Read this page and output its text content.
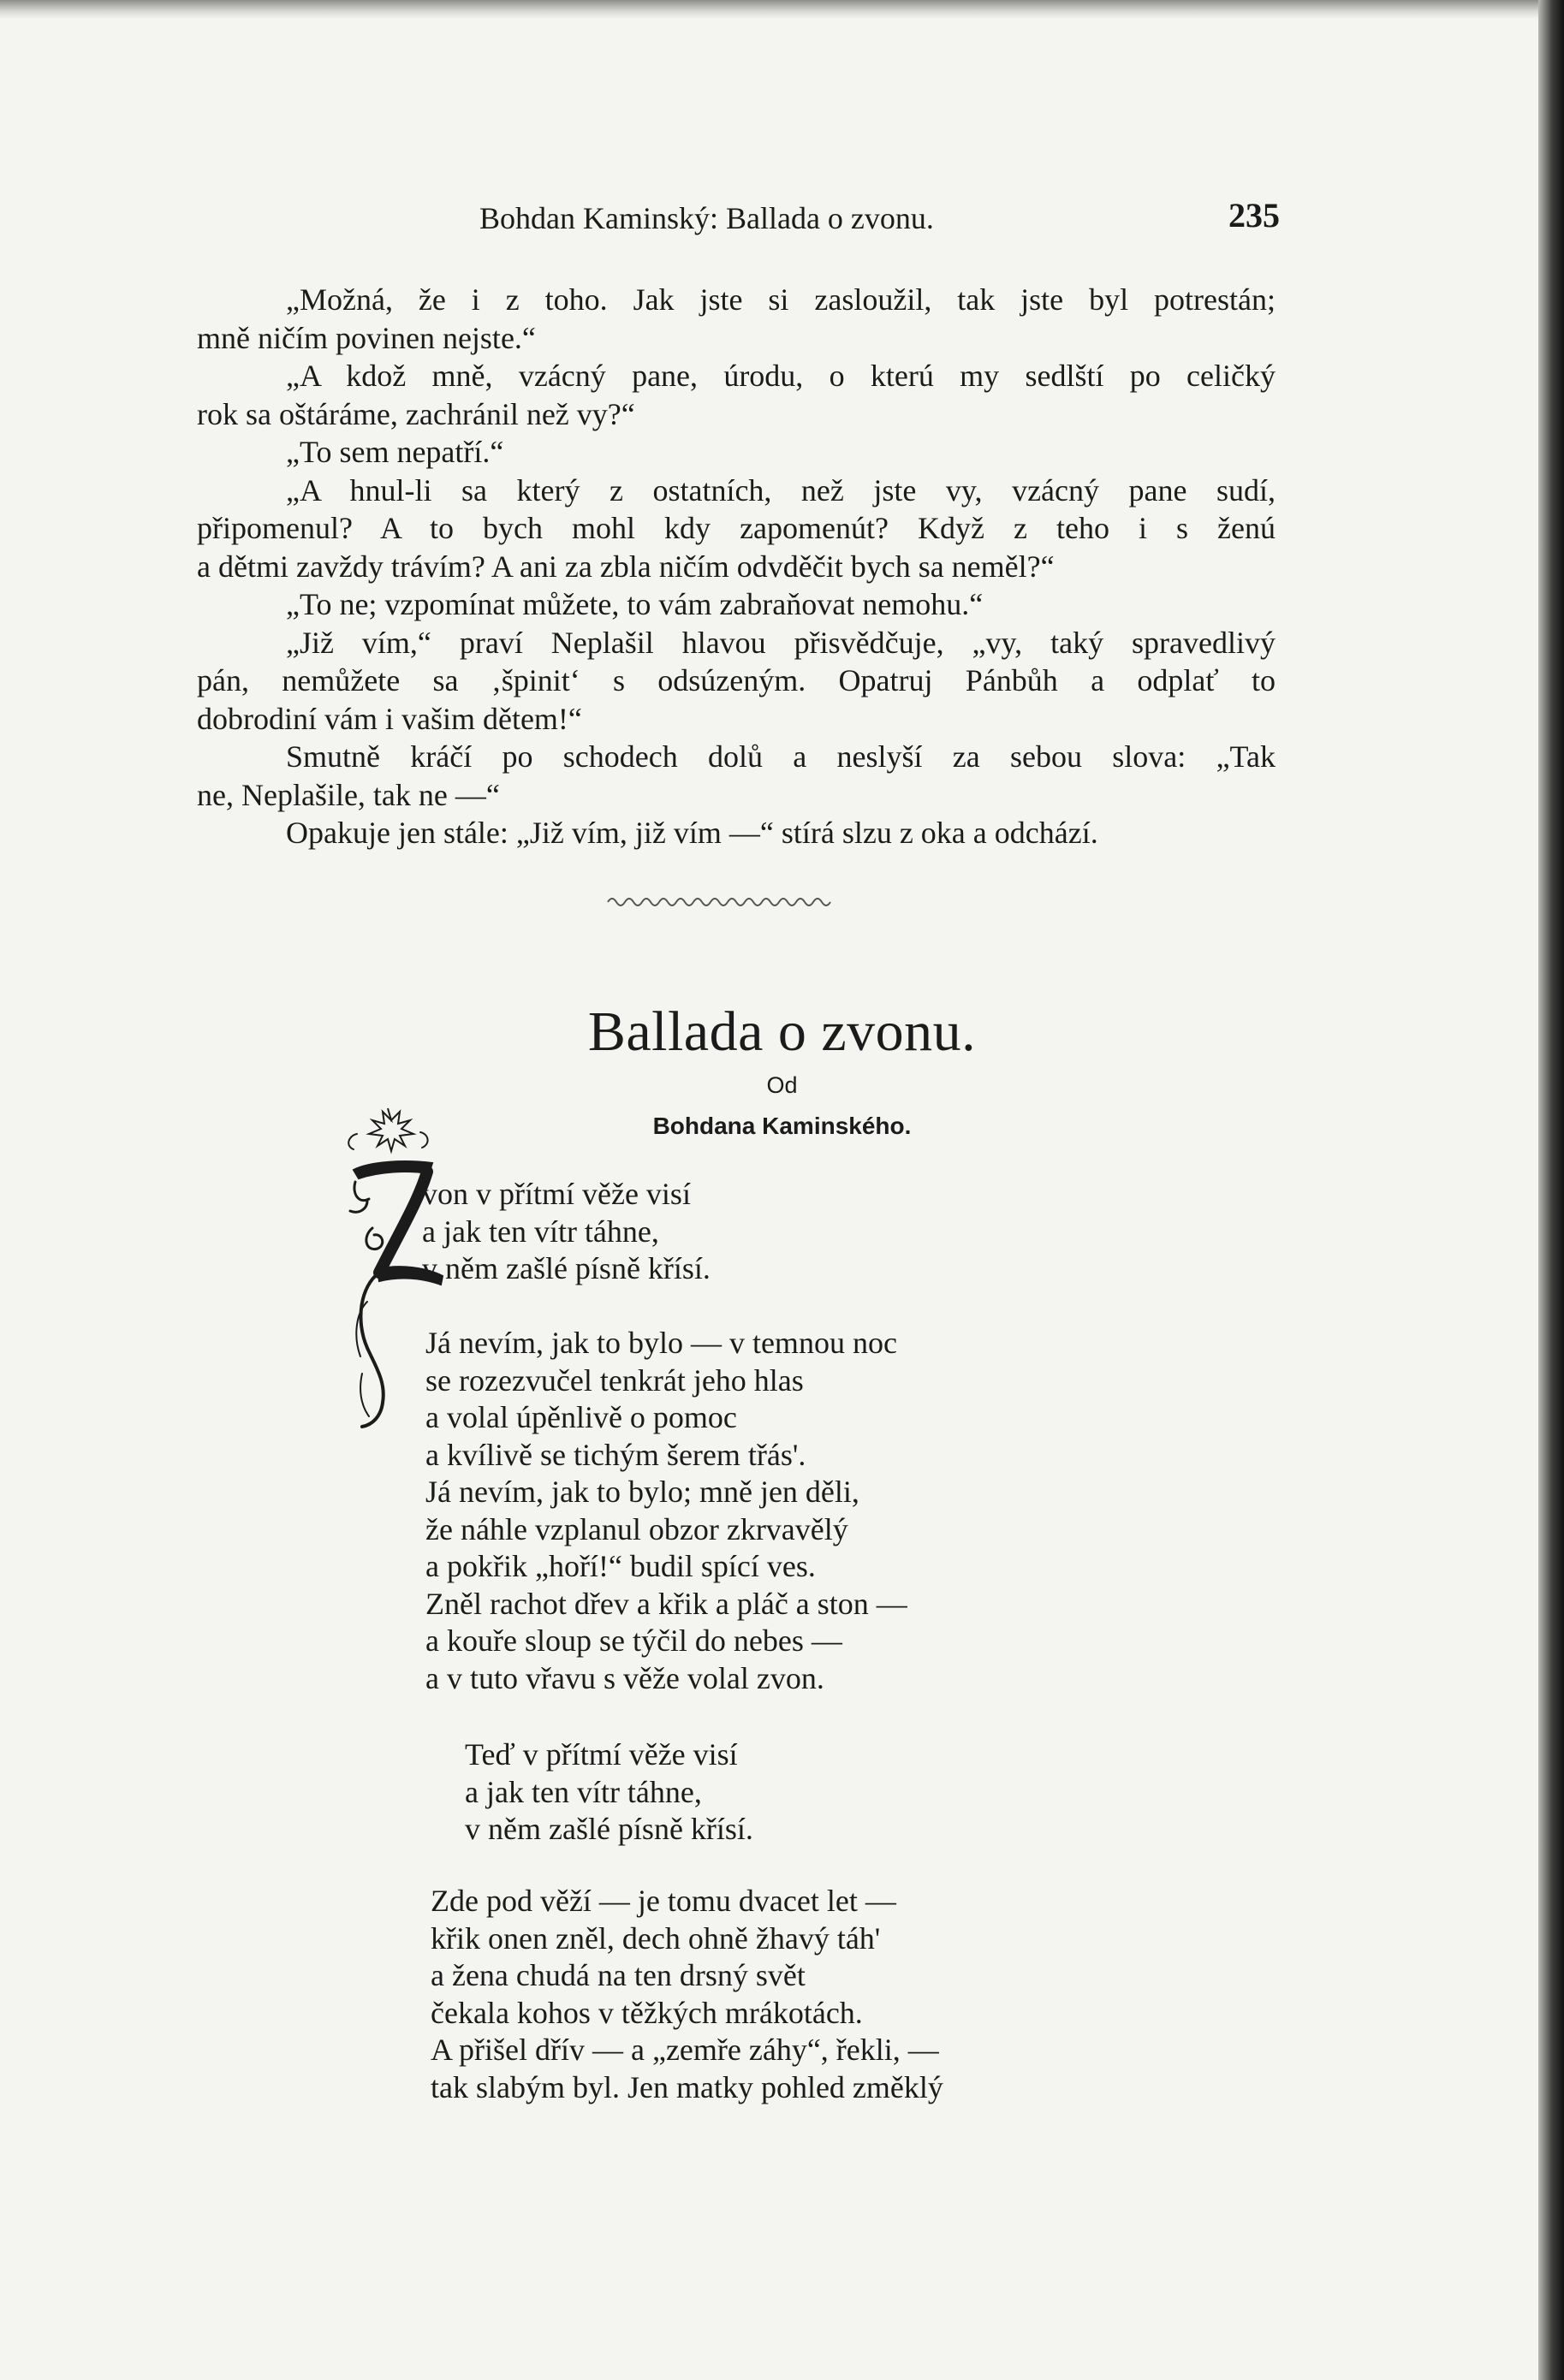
Bohdan Kaminský: Ballada o zvonu.	235

„Možná, že i z toho. Jak jste si zasloužil, tak jste byl potrestán;

mně ničím povinen nejste.“

„A kdož mně, vzácný pane, úrodu, o kterú my sedlští po celičký

rok sa oštáráme, zachránil než vy?“

„To sem nepatří.“

„A hnul-li sa který z ostatních, než jste vy, vzácný pane sudí,

připomenul? A to bych mohl kdy zapomenút? Když z teho i s ženú

a dětmi zavždy trávím? A ani za zbla ničím odvděčit bych sa neměl?“

„To ne; vzpomínat můžete, to vám zabraňovat nemohu.“

„Již vím,“ praví Neplašil hlavou přisvědčuje, „vy, taký spravedlivý

pán, nemůžete sa ‚špinit‘ s odsúzeným. Opatruj Pánbůh a odplať to

dobrodiní vám i vašim dětem!“

Smutně kráčí po schodech dolů a neslyší za sebou slova: „Tak

ne, Neplašile, tak ne —“

Opakuje jen stále: „Již vím, již vím —“ stírá slzu z oka a odchází.

Ballada o zvonu.
Od
Bohdana Kaminského.
von v přítmí věže visí
a jak ten vítr táhne,
v něm zašlé písně křísí.
Já nevím, jak to bylo — v temnou noc
se rozezvučel tenkrát jeho hlas
a volal úpěnlivě o pomoc
a kvílivě se tichým šerem třás'.
Já nevím, jak to bylo; mně jen děli,
že náhle vzplanul obzor zkrvavělý
a pokřik „hoří!“ budil spící ves.
Zněl rachot dřev a křik a pláč a ston —
a kouře sloup se týčil do nebes —
a v tuto vřavu s věže volal zvon.
Teď v přítmí věže visí
a jak ten vítr táhne,
v něm zašlé písně křísí.
Zde pod věží — je tomu dvacet let —
křik onen zněl, dech ohně žhavý táh'
a žena chudá na ten drsný svět
čekala kohos v těžkých mrákotách.
A přišel dřív — a „zemře záhy“, řekli, —
tak slabým byl. Jen matky pohled změklý
